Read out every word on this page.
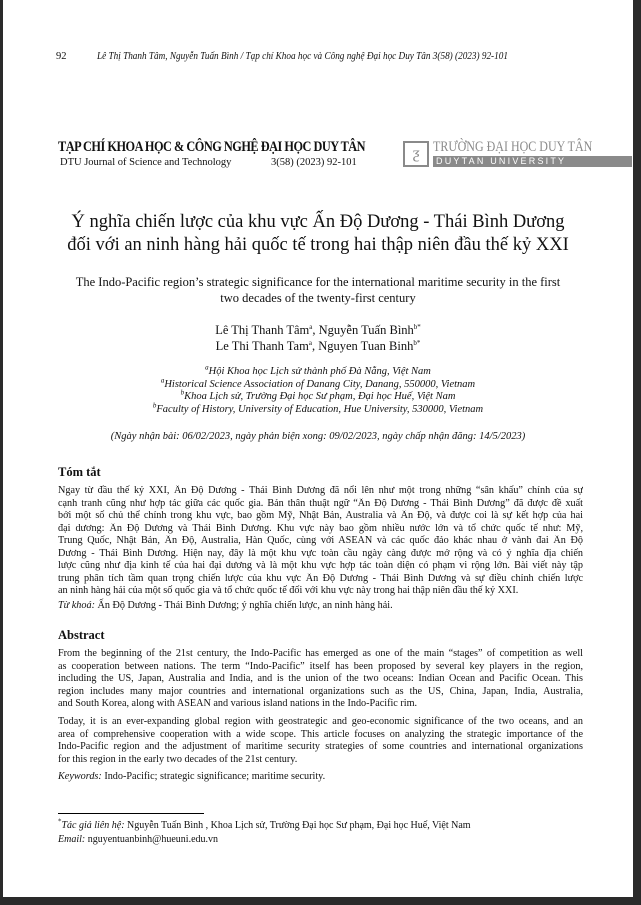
92	Lê Thị Thanh Tâm, Nguyễn Tuấn Bình / Tạp chí Khoa học và Công nghệ Đại học Duy Tân 3(58) (2023) 92-101
TẠP CHÍ KHOA HỌC & CÔNG NGHỆ ĐẠI HỌC DUY TÂN
DTU Journal of Science and Technology	3(58) (2023) 92-101
ƺ TRƯỜNG ĐẠI HỌC DUY TÂN
DUYTAN UNIVERSITY
Ý nghĩa chiến lược của khu vực Ấn Độ Dương - Thái Bình Dương
đối với an ninh hàng hải quốc tế trong hai thập niên đầu thế kỷ XXI
The Indo-Pacific region’s strategic significance for the international maritime security in the first
two decades of the twenty-first century
Lê Thị Thanh Tâm$^a$, Nguyễn Tuấn Bình$^{b*}$
Le Thi Thanh Tam$^a$, Nguyen Tuan Binh$^{b*}$
$^a$Hội Khoa học Lịch sử thành phố Đà Nẵng, Việt Nam
$^a$Historical Science Association of Danang City, Danang, 550000, Vietnam
$^b$Khoa Lịch sử, Trường Đại học Sư phạm, Đại học Huế, Việt Nam
$^b$Faculty of History, University of Education, Hue University, 530000, Vietnam
(Ngày nhận bài: 06/02/2023, ngày phản biện xong: 09/02/2023, ngày chấp nhận đăng: 14/5/2023)
Tóm tắt
Ngay từ đầu thế kỷ XXI, Ấn Độ Dương - Thái Bình Dương đã nổi lên như một trong những “sân khấu” chính của sự
cạnh tranh cũng như hợp tác giữa các quốc gia. Bản thân thuật ngữ “Ấn Độ Dương - Thái Bình Dương” đã được đề xuất
bởi một số chủ thể chính trong khu vực, bao gồm Mỹ, Nhật Bản, Australia và Ấn Độ, và được coi là sự kết hợp của hai
đại dương: Ấn Độ Dương và Thái Bình Dương. Khu vực này bao gồm nhiều nước lớn và tổ chức quốc tế như: Mỹ,
Trung Quốc, Nhật Bản, Ấn Độ, Australia, Hàn Quốc, cùng với ASEAN và các quốc đảo khác nhau ở vành đai Ấn Độ
Dương - Thái Bình Dương. Hiện nay, đây là một khu vực toàn cầu ngày càng được mở rộng và có ý nghĩa địa chiến
lược cũng như địa kinh tế của hai đại dương và là một khu vực hợp tác toàn diện có phạm vi rộng lớn. Bài viết này tập
trung phân tích tầm quan trọng chiến lược của khu vực Ấn Độ Dương - Thái Bình Dương và sự điều chỉnh chiến lược
an ninh hàng hải của một số quốc gia và tổ chức quốc tế đối với khu vực này trong hai thập niên đầu thế kỷ XXI.
Từ khoá: Ấn Độ Dương - Thái Bình Dương; ý nghĩa chiến lược, an ninh hàng hải.
Abstract
From the beginning of the 21st century, the Indo-Pacific has emerged as one of the main “stages” of competition as well
as cooperation between nations. The term “Indo-Pacific” itself has been proposed by several key players in the region,
including the US, Japan, Australia and India, and is the union of the two oceans: Indian Ocean and Pacific Ocean. This
region includes many major countries and international organizations such as the US, China, Japan, India, Australia,
and South Korea, along with ASEAN and various island nations in the Indo-Pacific rim.
Today, it is an ever-expanding global region with geostrategic and geo-economic significance of the two oceans, and an
area of comprehensive cooperation with a wide scope. This article focuses on analyzing the strategic importance of the
Indo-Pacific region and the adjustment of maritime security strategies of some countries and international organizations
for this region in the early two decades of the 21st century.
Keywords: Indo-Pacific; strategic significance; maritime security.
*Tác giả liên hệ: Nguyễn Tuấn Bình , Khoa Lịch sử, Trường Đại học Sư phạm, Đại học Huế, Việt Nam
Email: nguyentuanbinh@hueuni.edu.vn
